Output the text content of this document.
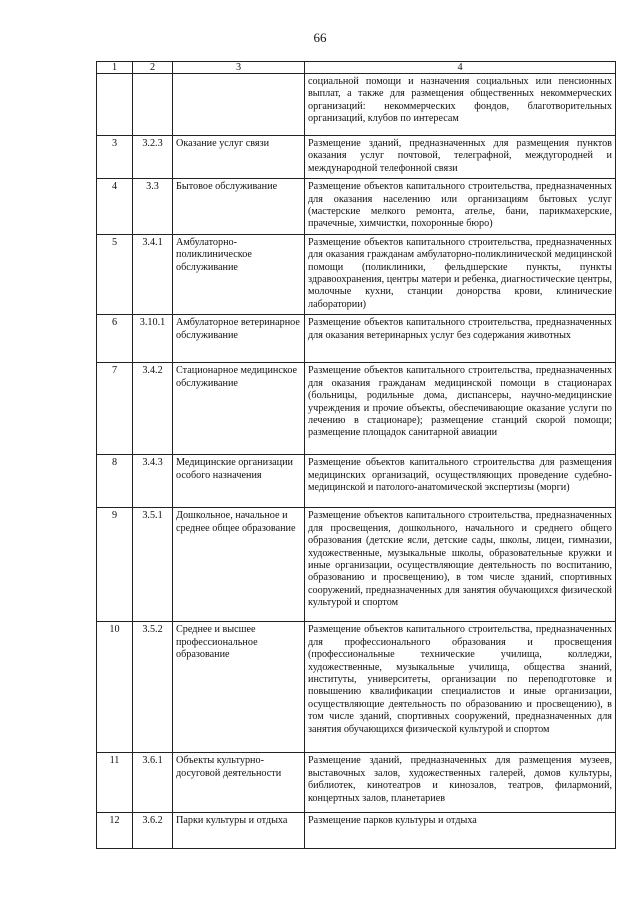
66
1	2	3	4
			социальной помощи и назначения социальных или пенсионных выплат, а также для размещения общественных некоммерческих организаций: некоммерческих фондов, благотворительных организаций, клубов по интересам
3	3.2.3	Оказание услуг связи	Размещение зданий, предназначенных для размещения пунктов оказания услуг почтовой, телеграфной, междугородней и международной телефонной связи
4	3.3	Бытовое обслуживание	Размещение объектов капитального строительства, предназначенных для оказания населению или организациям бытовых услуг (мастерские мелкого ремонта, ателье, бани, парикмахерские, прачечные, химчистки, похоронные бюро)
5	3.4.1	Амбулаторно-поликлиническое обслуживание	Размещение объектов капитального строительства, предназначенных для оказания гражданам амбулаторно-поликлинической медицинской помощи (поликлиники, фельдшерские пункты, пункты здравоохранения, центры матери и ребенка, диагностические центры, молочные кухни, станции донорства крови, клинические лаборатории)
6	3.10.1	Амбулаторное ветеринарное обслуживание	Размещение объектов капитального строительства, предназначенных для оказания ветеринарных услуг без содержания животных
7	3.4.2	Стационарное медицинское обслуживание	Размещение объектов капитального строительства, предназначенных для оказания гражданам медицинской помощи в стационарах (больницы, родильные дома, диспансеры, научно-медицинские учреждения и прочие объекты, обеспечивающие оказание услуги по лечению в стационаре); размещение станций скорой помощи; размещение площадок санитарной авиации
8	3.4.3	Медицинские организации особого назначения	Размещение объектов капитального строительства для размещения медицинских организаций, осуществляющих проведение судебно-медицинской и патолого-анатомической экспертизы (морги)
9	3.5.1	Дошкольное, начальное и среднее общее образование	Размещение объектов капитального строительства, предназначенных для просвещения, дошкольного, начального и среднего общего образования (детские ясли, детские сады, школы, лицеи, гимназии, художественные, музыкальные школы, образовательные кружки и иные организации, осуществляющие деятельность по воспитанию, образованию и просвещению), в том числе зданий, спортивных сооружений, предназначенных для занятия обучающихся физической культурой и спортом
10	3.5.2	Среднее и высшее профессиональное образование	Размещение объектов капитального строительства, предназначенных для профессионального образования и просвещения (профессиональные технические училища, колледжи, художественные, музыкальные училища, общества знаний, институты, университеты, организации по переподготовке и повышению квалификации специалистов и иные организации, осуществляющие деятельность по образованию и просвещению), в том числе зданий, спортивных сооружений, предназначенных для занятия обучающихся физической культурой и спортом
11	3.6.1	Объекты культурно-досуговой деятельности	Размещение зданий, предназначенных для размещения музеев, выставочных залов, художественных галерей, домов культуры, библиотек, кинотеатров и кинозалов, театров, филармоний, концертных залов, планетариев
12	3.6.2	Парки культуры и отдыха	Размещение парков культуры и отдыха
